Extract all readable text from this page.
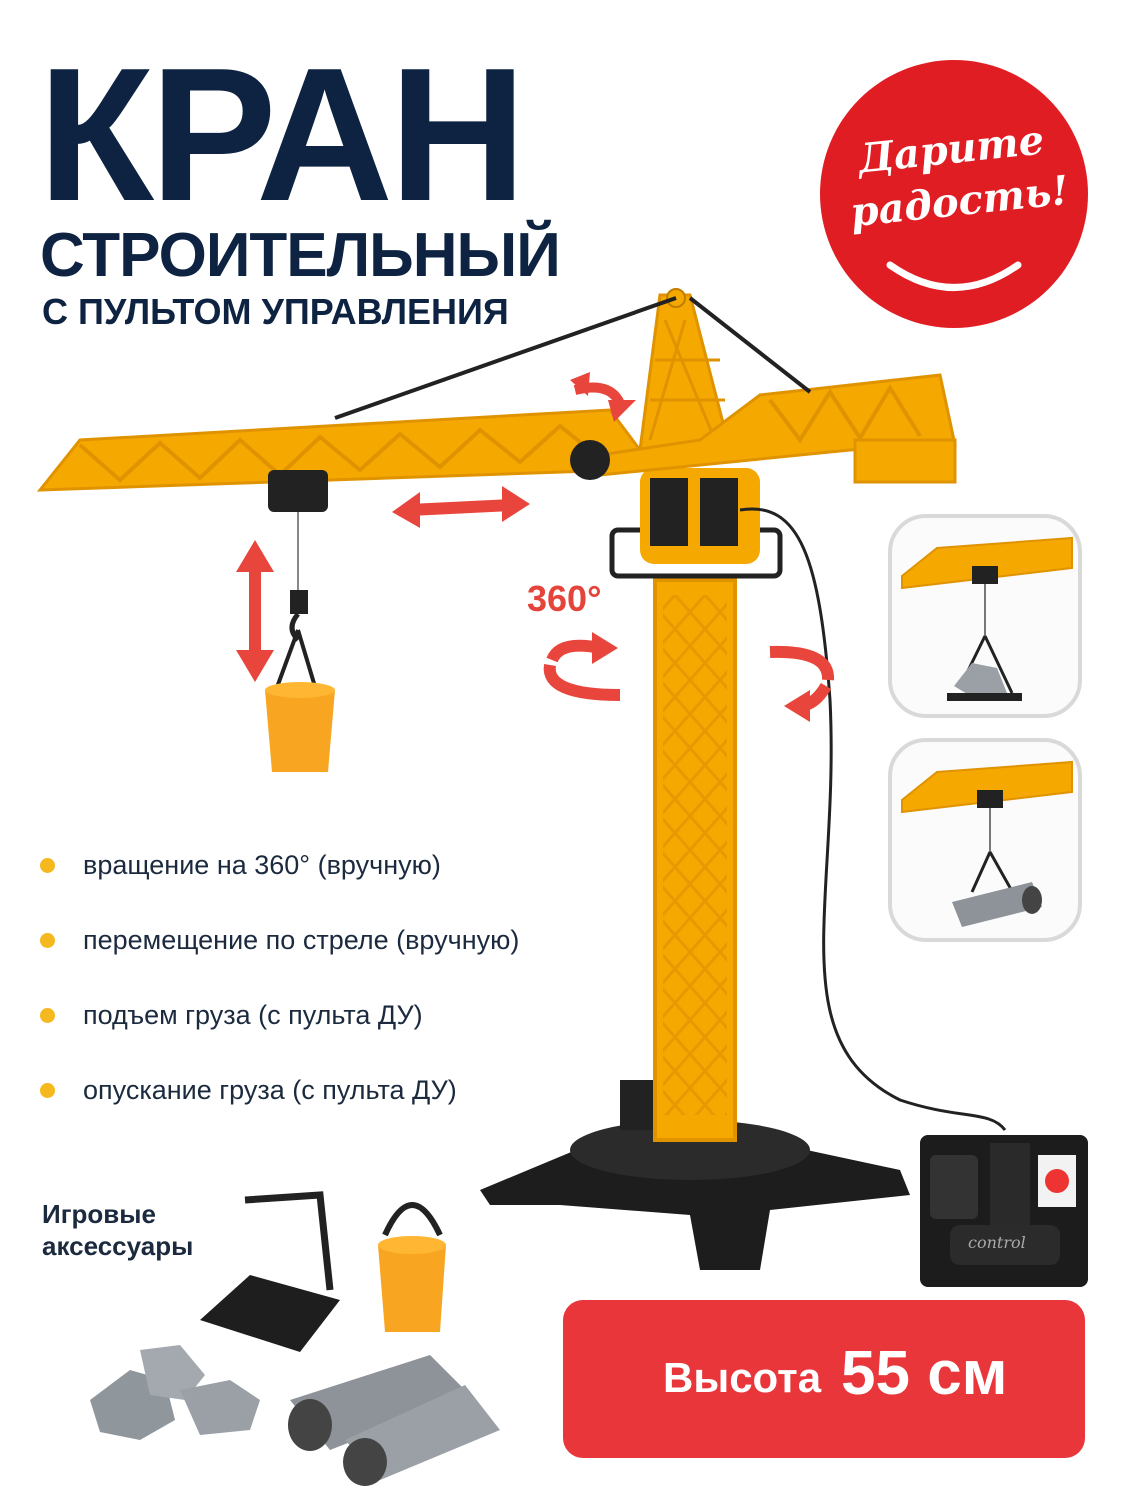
КРАН
СТРОИТЕЛЬНЫЙ
С ПУЛЬТОМ УПРАВЛЕНИЯ
Дарите
радость!
360°
вращение на 360° (вручную)
перемещение по стреле (вручную)
подъем груза (с пульта ДУ)
опускание груза (с пульта ДУ)
Игровые аксессуары	control
Высота 55 см
